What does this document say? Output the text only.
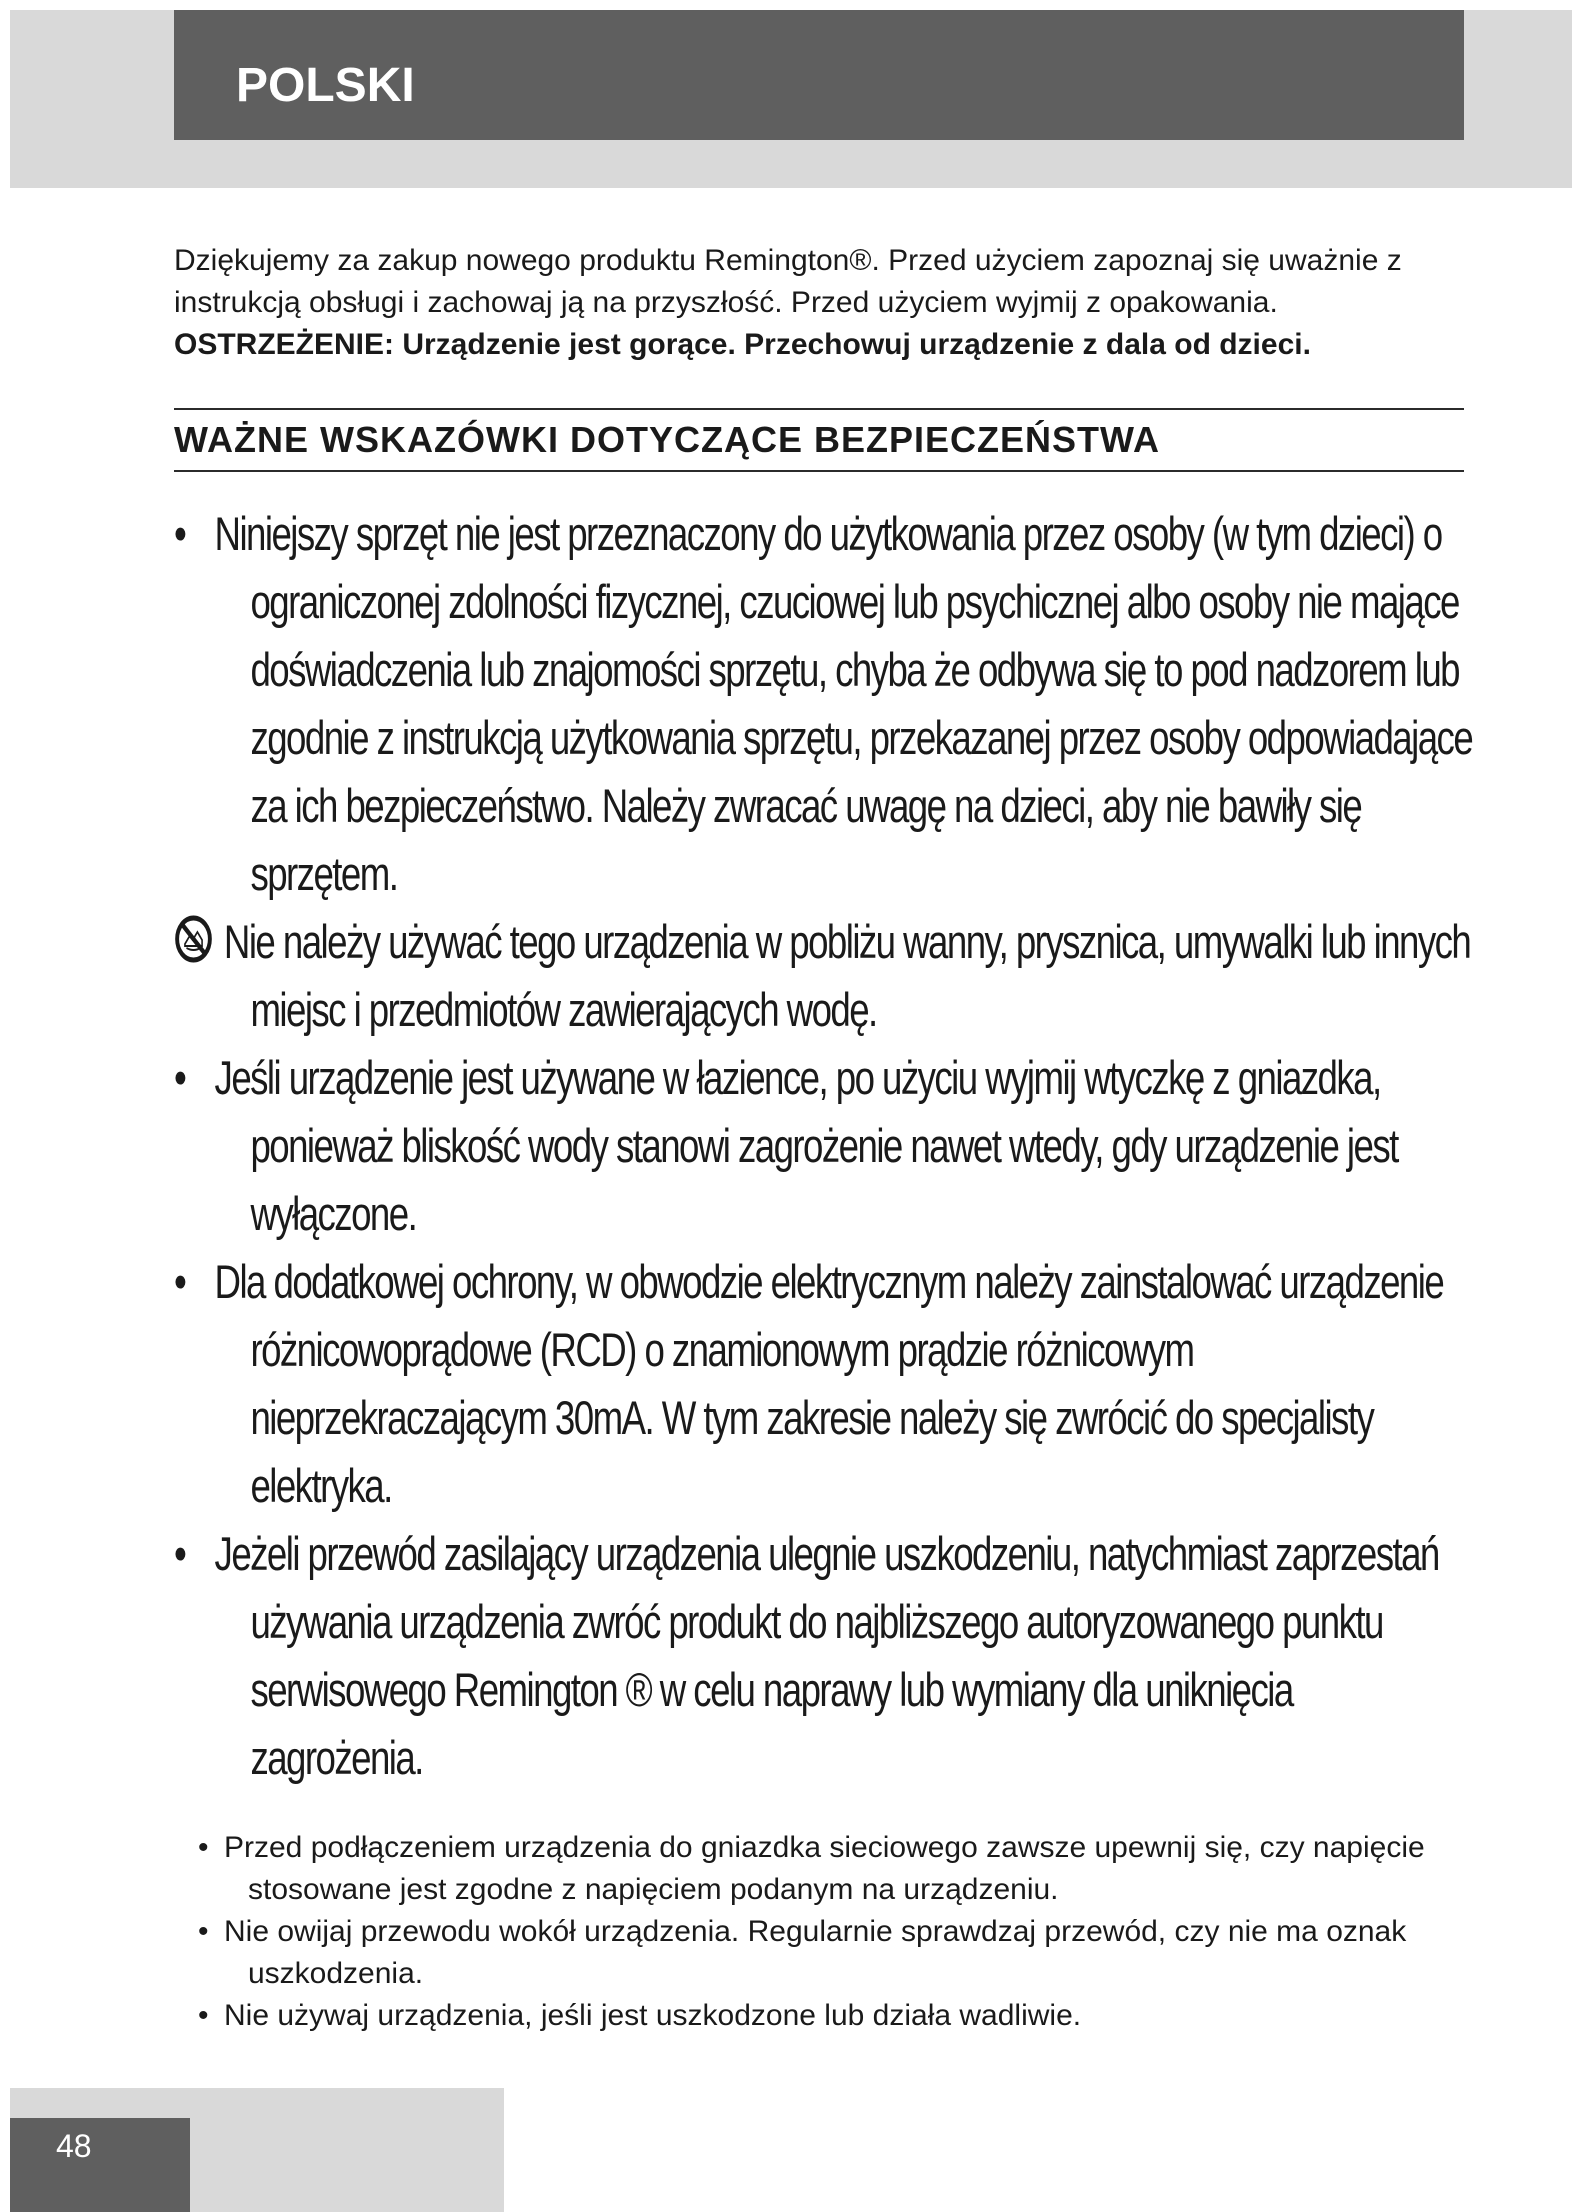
POLSKI

Dziękujemy za zakup nowego produktu Remington®. Przed użyciem zapoznaj się uważnie z

instrukcją obsługi i zachowaj ją na przyszłość. Przed użyciem wyjmij z opakowania.

OSTRZEŻENIE: Urządzenie jest gorące. Przechowuj urządzenie z dala od dzieci.

WAŻNE WSKAZÓWKI DOTYCZĄCE BEZPIECZEŃSTWA

• Niniejszy sprzęt nie jest przeznaczony do użytkowania przez osoby (w tym dzieci) o ograniczonej zdolności fizycznej, czuciowej lub psychicznej albo osoby nie mające doświadczenia lub znajomości sprzętu, chyba że odbywa się to pod nadzorem lub zgodnie z instrukcją użytkowania sprzętu, przekazanej przez osoby odpowiadające za ich bezpieczeństwo. Należy zwracać uwagę na dzieci, aby nie bawiły się sprzętem.

Nie należy używać tego urządzenia w pobliżu wanny, prysznica, umywalki lub innych miejsc i przedmiotów zawierających wodę.

• Jeśli urządzenie jest używane w łazience, po użyciu wyjmij wtyczkę z gniazdka, ponieważ bliskość wody stanowi zagrożenie nawet wtedy, gdy urządzenie jest wyłączone.

• Dla dodatkowej ochrony, w obwodzie elektrycznym należy zainstalować urządzenie różnicowoprądowe (RCD) o znamionowym prądzie różnicowym nieprzekraczającym 30mA. W tym zakresie należy się zwrócić do specjalisty elektryka.

• Jeżeli przewód zasilający urządzenia ulegnie uszkodzeniu, natychmiast zaprzestań używania urządzenia zwróć produkt do najbliższego autoryzowanego punktu serwisowego Remington ® w celu naprawy lub wymiany dla uniknięcia zagrożenia.

• Przed podłączeniem urządzenia do gniazdka sieciowego zawsze upewnij się, czy napięcie stosowane jest zgodne z napięciem podanym na urządzeniu.

• Nie owijaj przewodu wokół urządzenia. Regularnie sprawdzaj przewód, czy nie ma oznak uszkodzenia.

• Nie używaj urządzenia, jeśli jest uszkodzone lub działa wadliwie.

48
